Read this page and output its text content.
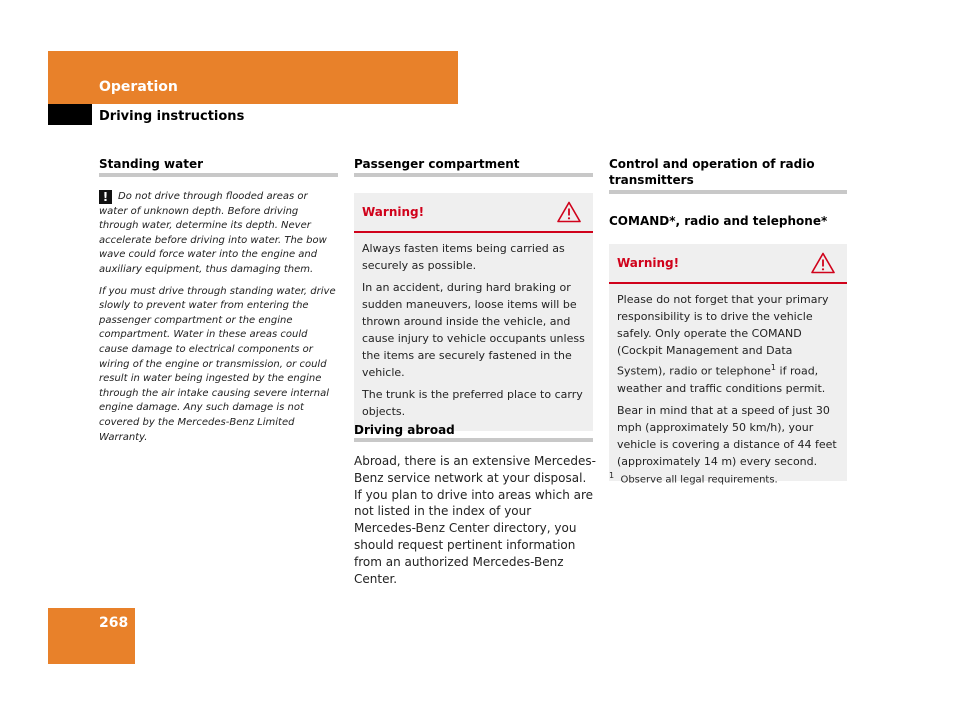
Operation
Driving instructions
Standing water

! Do not drive through flooded areas or water of unknown depth. Before driving through water, determine its depth. Never accelerate before driving into water. The bow wave could force water into the engine and auxiliary equipment, thus damaging them.

If you must drive through standing water, drive slowly to prevent water from entering the passenger compartment or the engine compartment. Water in these areas could cause damage to electrical components or wiring of the engine or transmission, or could result in water being ingested by the engine through the air intake causing severe internal engine damage. Any such damage is not covered by the Mercedes-Benz Limited Warranty.

Passenger compartment
Warning!

Always fasten items being carried as securely as possible.

In an accident, during hard braking or sudden maneuvers, loose items will be thrown around inside the vehicle, and cause injury to vehicle occupants unless the items are securely fastened in the vehicle.

The trunk is the preferred place to carry objects.

Driving abroad
Abroad, there is an extensive Mercedes-Benz service network at your disposal. If you plan to drive into areas which are not listed in the index of your Mercedes-Benz Center directory, you should request pertinent information from an authorized Mercedes-Benz Center.
Control and operation of radio transmitters
COMAND*, radio and telephone*
Warning!

Please do not forget that your primary responsibility is to drive the vehicle safely. Only operate the COMAND (Cockpit Management and Data System), radio or telephone$^1$ if road, weather and traffic conditions permit.

Bear in mind that at a speed of just 30 mph (approximately 50 km/h), your vehicle is covering a distance of 44 feet (approximately 14 m) every second.

$^1$ Observe all legal requirements.
268
